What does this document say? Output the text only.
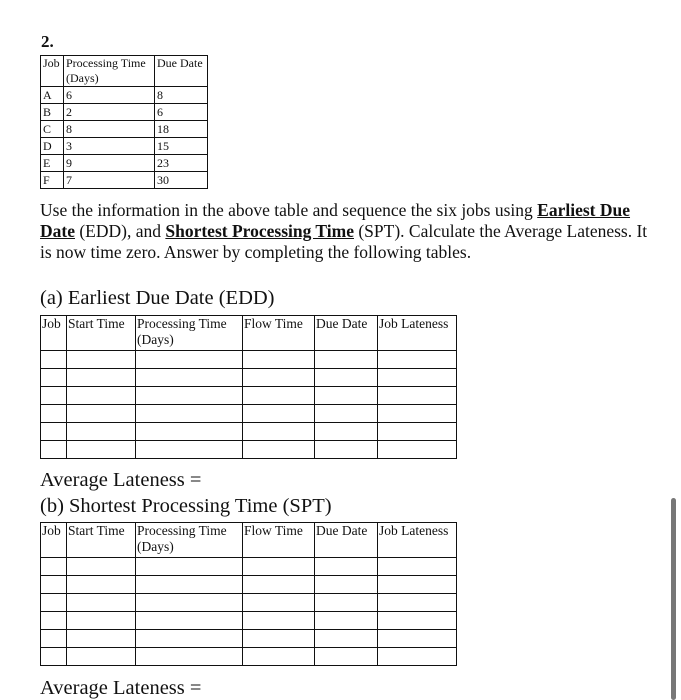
2.
Job	Processing Time (Days)	Due Date
A	6	8
B	2	6
C	8	18
D	3	15
E	9	23
F	7	30
Use the information in the above table and sequence the six jobs using Earliest Due Date (EDD), and Shortest Processing Time (SPT). Calculate the Average Lateness. It is now time zero. Answer by completing the following tables.
(a) Earliest Due Date (EDD)
Job	Start Time	Processing Time (Days)	Flow Time	Due Date	Job Lateness

Average Lateness =
(b) Shortest Processing Time (SPT)
Job	Start Time	Processing Time (Days)	Flow Time	Due Date	Job Lateness

Average Lateness =
